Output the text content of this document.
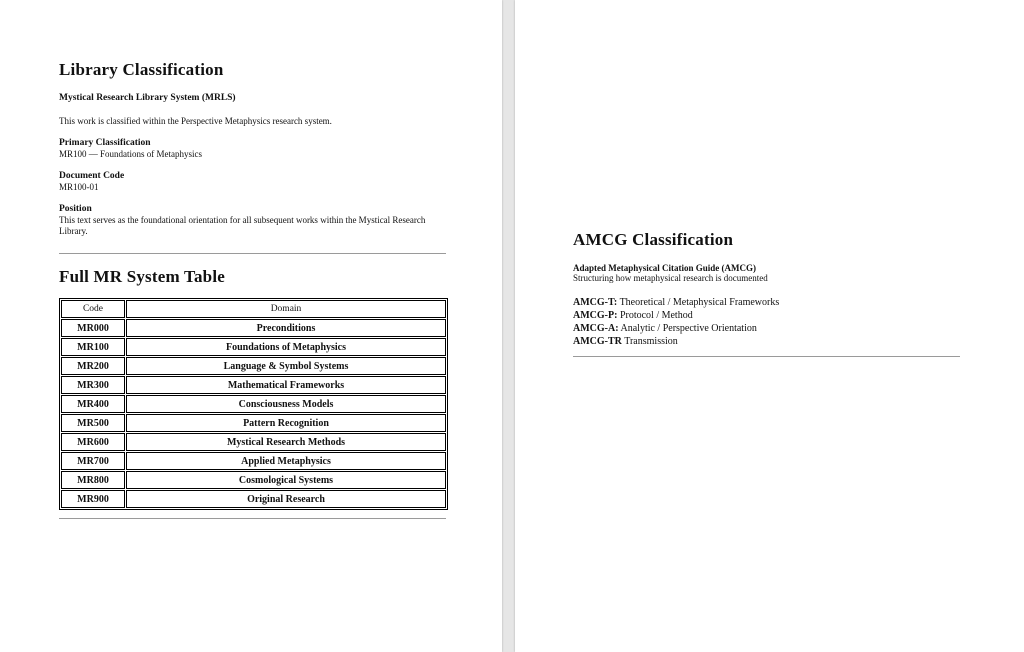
Library Classification
Mystical Research Library System (MRLS)
This work is classified within the Perspective Metaphysics research system.
Primary Classification
MR100 — Foundations of Metaphysics
Document Code
MR100-01
Position
This text serves as the foundational orientation for all subsequent works within the Mystical Research Library.
Full MR System Table
Code	Domain
MR000	Preconditions
MR100	Foundations of Metaphysics
MR200	Language & Symbol Systems
MR300	Mathematical Frameworks
MR400	Consciousness Models
MR500	Pattern Recognition
MR600	Mystical Research Methods
MR700	Applied Metaphysics
MR800	Cosmological Systems
MR900	Original Research
AMCG Classification
Adapted Metaphysical Citation Guide (AMCG)
Structuring how metaphysical research is documented
AMCG-T: Theoretical / Metaphysical Frameworks
AMCG-P: Protocol / Method
AMCG-A: Analytic / Perspective Orientation
AMCG-TR Transmission
